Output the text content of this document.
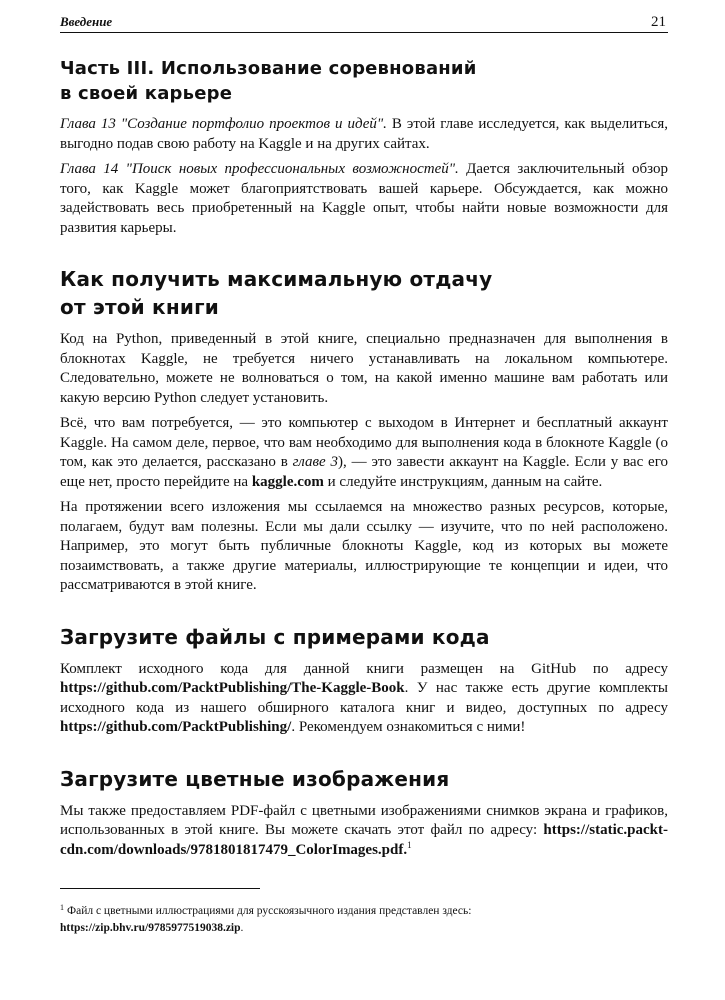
Введение	21
Часть III. Использование соревнований
в своей карьере

Глава 13 "Создание портфолио проектов и идей". В этой главе исследуется, как выделиться, выгодно подав свою работу на Kaggle и на других сайтах.

Глава 14 "Поиск новых профессиональных возможностей". Дается заключительный обзор того, как Kaggle может благоприятствовать вашей карьере. Обсуждается, как можно задействовать весь приобретенный на Kaggle опыт, чтобы найти новые возможности для развития карьеры.

Как получить максимальную отдачу
от этой книги

Код на Python, приведенный в этой книге, специально предназначен для выполнения в блокнотах Kaggle, не требуется ничего устанавливать на локальном компьютере. Следовательно, можете не волноваться о том, на какой именно машине вам работать или какую версию Python следует установить.

Всё, что вам потребуется, — это компьютер с выходом в Интернет и бесплатный аккаунт Kaggle. На самом деле, первое, что вам необходимо для выполнения кода в блокноте Kaggle (о том, как это делается, рассказано в главе 3), — это завести аккаунт на Kaggle. Если у вас его еще нет, просто перейдите на kaggle.com и следуйте инструкциям, данным на сайте.

На протяжении всего изложения мы ссылаемся на множество разных ресурсов, которые, полагаем, будут вам полезны. Если мы дали ссылку — изучите, что по ней расположено. Например, это могут быть публичные блокноты Kaggle, код из которых вы можете позаимствовать, а также другие материалы, иллюстрирующие те концепции и идеи, что рассматриваются в этой книге.

Загрузите файлы с примерами кода

Комплект исходного кода для данной книги размещен на GitHub по адресу https://github.com/PacktPublishing/The-Kaggle-Book. У нас также есть другие комплекты исходного кода из нашего обширного каталога книг и видео, доступных по адресу https://github.com/PacktPublishing/. Рекомендуем ознакомиться с ними!

Загрузите цветные изображения

Мы также предоставляем PDF-файл с цветными изображениями снимков экрана и графиков, использованных в этой книге. Вы можете скачать этот файл по адресу: https://static.packt-cdn.com/downloads/9781801817479_ColorImages.pdf.$^1$

$^1$ Файл с цветными иллюстрациями для русскоязычного издания представлен здесь:
https://zip.bhv.ru/9785977519038.zip.
